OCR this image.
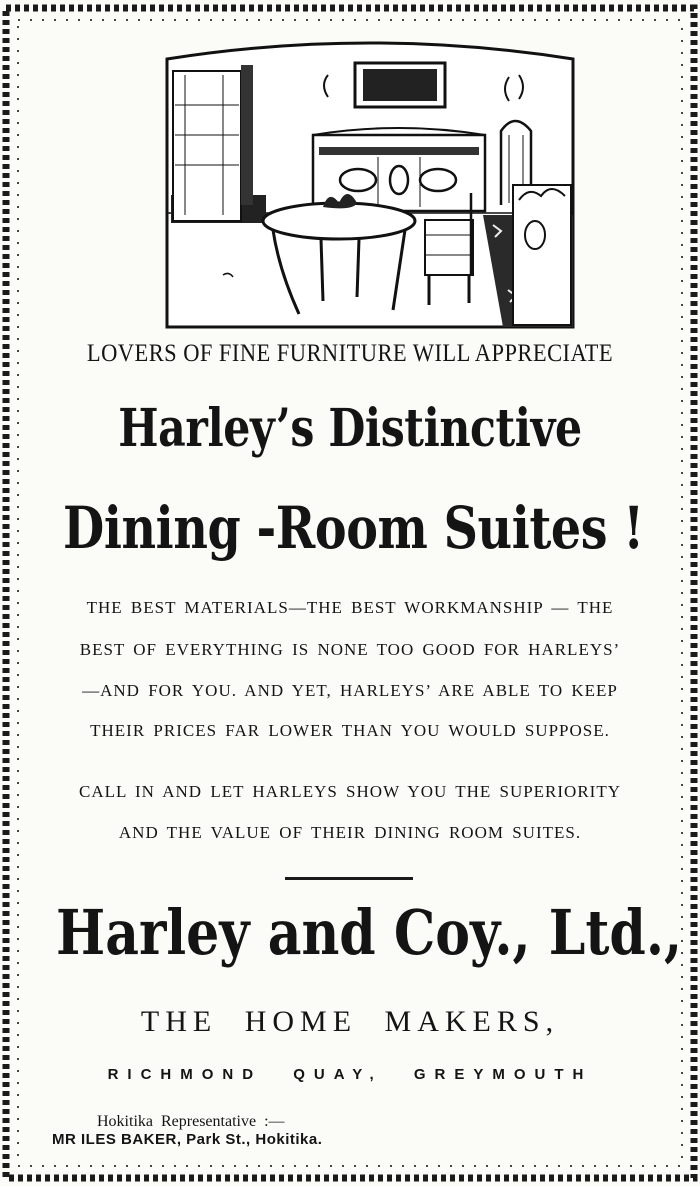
LOVERS OF FINE FURNITURE WILL APPRECIATE
Harley’s Distinctive
Dining -Room Suites !
THE BEST MATERIALS—THE BEST WORKMANSHIP — THE
BEST OF EVERYTHING IS NONE TOO GOOD FOR HARLEYS’
—AND FOR YOU. AND YET, HARLEYS’ ARE ABLE TO KEEP
THEIR PRICES FAR LOWER THAN YOU WOULD SUPPOSE.
CALL IN AND LET HARLEYS SHOW YOU THE SUPERIORITY
AND THE VALUE OF THEIR DINING ROOM SUITES.
Harley and Coy., Ltd.,
THE HOME MAKERS,
RICHMOND QUAY, GREYMOUTH
Hokitika Representative :—
MR ILES BAKER, Park St., Hokitika.
